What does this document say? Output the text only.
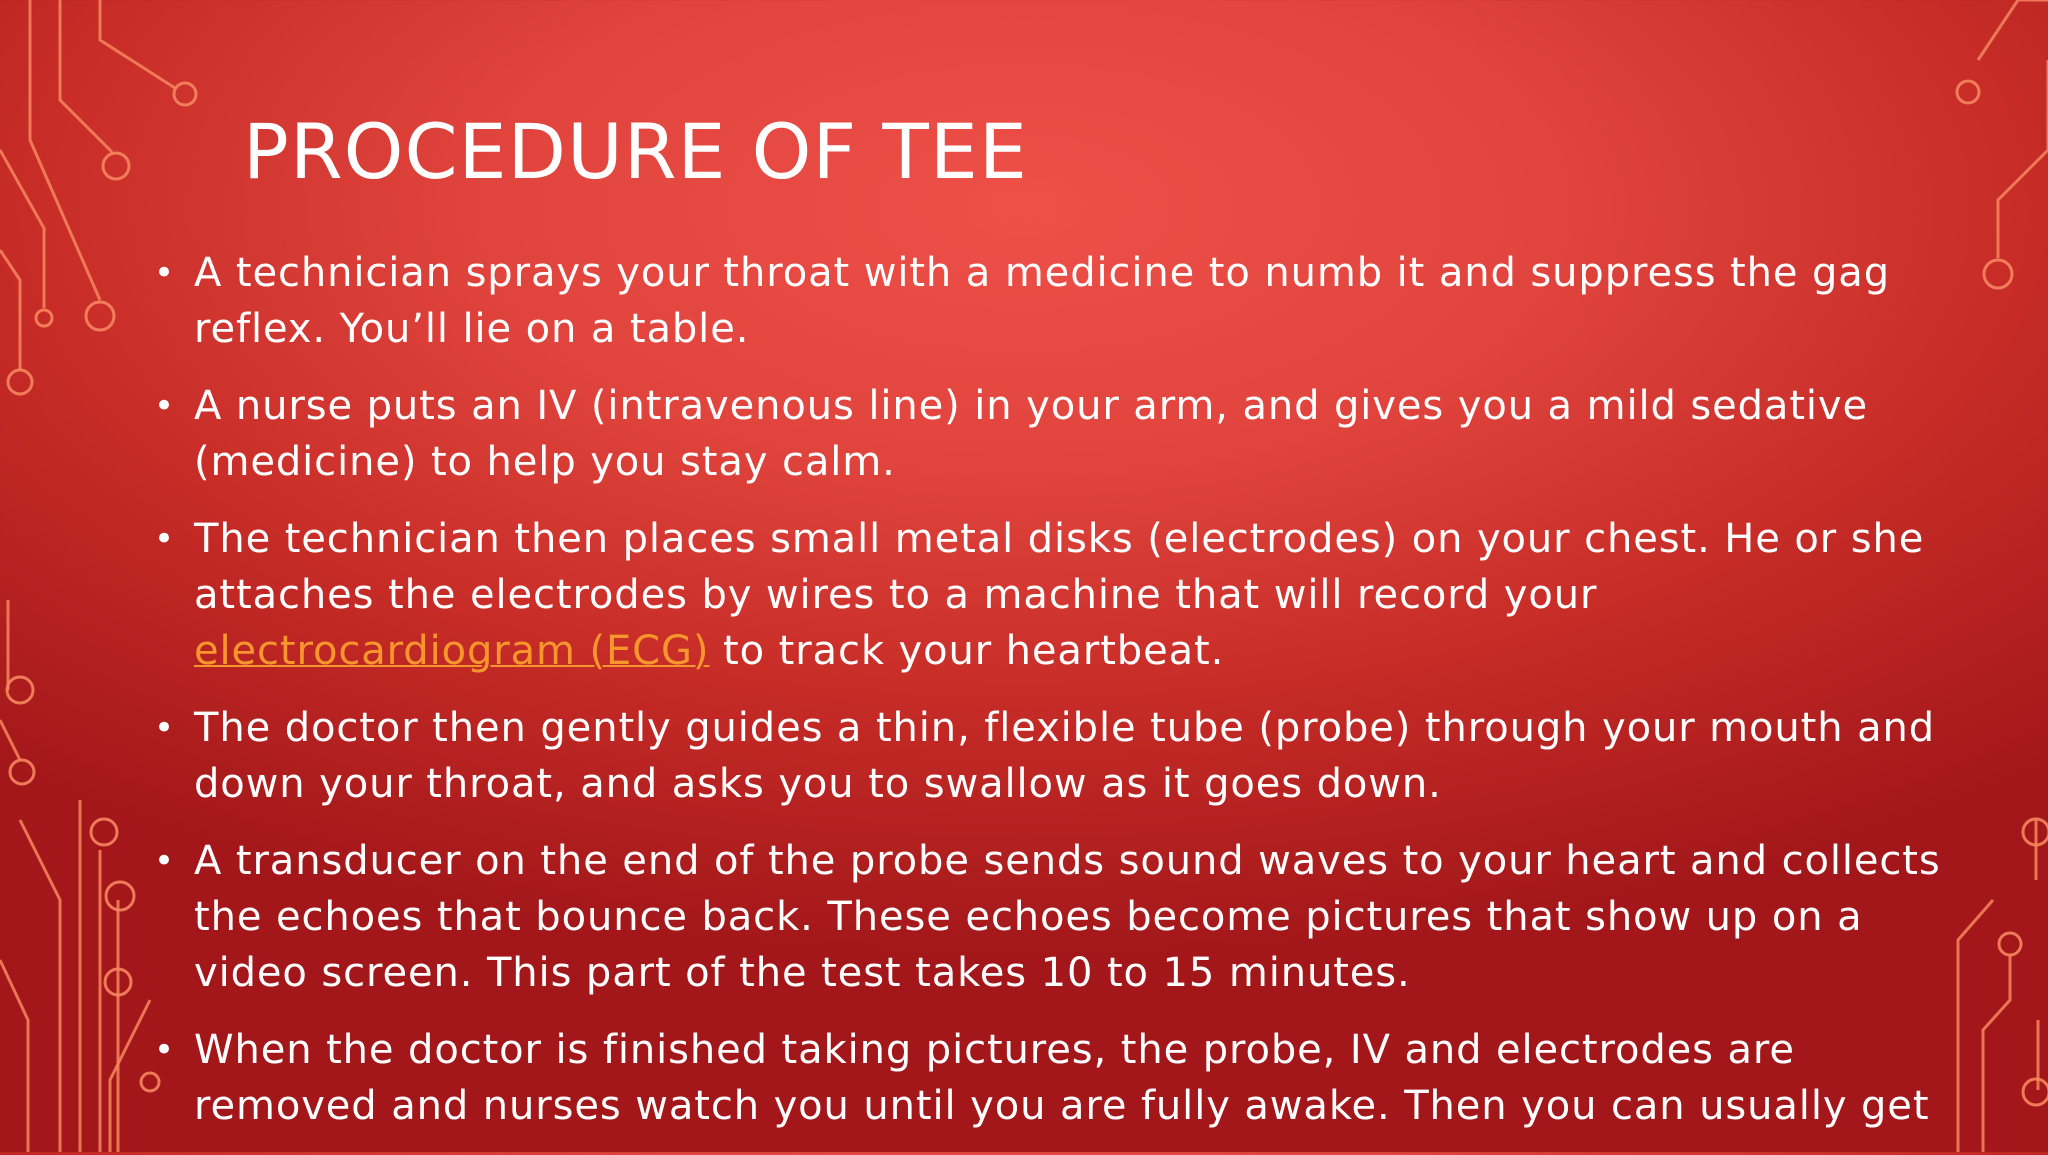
PROCEDURE OF TEE
• A technician sprays your throat with a medicine to numb it and suppress the gag reflex. You’ll lie on a table.
• A nurse puts an IV (intravenous line) in your arm, and gives you a mild sedative (medicine) to help you stay calm.
• The technician then places small metal disks (electrodes) on your chest. He or she attaches the electrodes by wires to a machine that will record your electrocardiogram (ECG) to track your heartbeat.
• The doctor then gently guides a thin, flexible tube (probe) through your mouth and down your throat, and asks you to swallow as it goes down.
• A transducer on the end of the probe sends sound waves to your heart and collects the echoes that bounce back. These echoes become pictures that show up on a video screen. This part of the test takes 10 to 15 minutes.
• When the doctor is finished taking pictures, the probe, IV and electrodes are removed and nurses watch you until you are fully awake. Then you can usually get
